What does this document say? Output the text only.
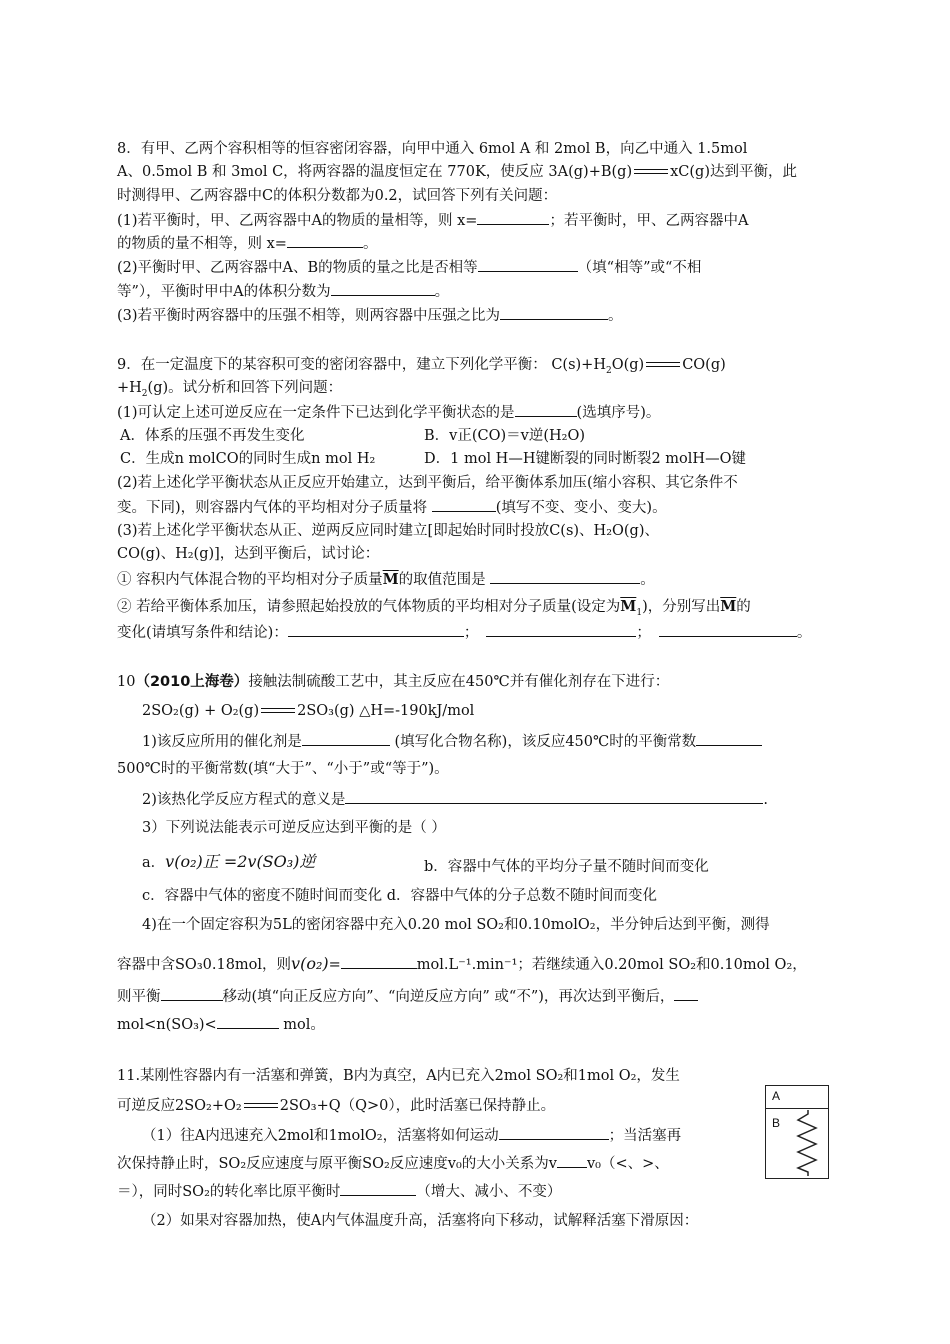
8．有甲、乙两个容积相等的恒容密闭容器，向甲中通入 6mol A 和 2mol B，向乙中通入 1.5mol
A、0.5mol B 和 3mol C，将两容器的温度恒定在 770K，使反应 3A(g)+B(g)	xC(g)达到平衡，此
时测得甲、乙两容器中C的体积分数都为0.2，试回答下列有关问题：
(1)若平衡时，甲、乙两容器中A的物质的量相等，则 x=	；若平衡时，甲、乙两容器中A
的物质的量不相等，则 x=	。
(2)平衡时甲、乙两容器中A、B的物质的量之比是否相等	（填“相等”或“不相
等”），平衡时甲中A的体积分数为	。
(3)若平衡时两容器中的压强不相等，则两容器中压强之比为	。
9．在一定温度下的某容积可变的密闭容器中，建立下列化学平衡： $C(s)+H_2O(g)$	CO(g)
$+H_2(g)$。试分析和回答下列问题：
(1)可认定上述可逆反应在一定条件下已达到化学平衡状态的是	(选填序号)。
A．体系的压强不再发生变化	B．v正(CO)＝v逆(H₂O)
C．生成n molCO的同时生成n mol H₂	D．1 mol H—H键断裂的同时断裂2 molH—O键
(2)若上述化学平衡状态从正反应开始建立，达到平衡后，给平衡体系加压(缩小容积、其它条件不
变。下同)，则容器内气体的平均相对分子质量将	(填写不变、变小、变大)。
(3)若上述化学平衡状态从正、逆两反应同时建立[即起始时同时投放C(s)、H₂O(g)、
CO(g)、H₂(g)]，达到平衡后，试讨论：
① 容积内气体混合物的平均相对分子质量$\overline{M}$的取值范围是	。
② 若给平衡体系加压，请参照起始投放的气体物质的平均相对分子质量(设定为$\overline{M}_1$)，分别写出$\overline{M}$的
变化(请填写条件和结论)：	；	；	。
10（2010上海卷）接触法制硫酸工艺中，其主反应在450℃并有催化剂存在下进行：
2SO₂(g) + O₂(g)	2SO₃(g) △H=-190kJ/mol
1)该反应所用的催化剂是	(填写化合物名称)，该反应450℃时的平衡常数
500℃时的平衡常数(填“大于”、“小于”或“等于”)。
2)该热化学反应方程式的意义是	.
3）下列说法能表示可逆反应达到平衡的是（ ）
a．v(o₂)正 =2v(SO₃)逆	b．容器中气体的平均分子量不随时间而变化
c．容器中气体的密度不随时间而变化 d．容器中气体的分子总数不随时间而变化
4)在一个固定容积为5L的密闭容器中充入0.20 mol SO₂和0.10molO₂，半分钟后达到平衡，测得
容器中含SO₃0.18mol，则v(o₂)=	mol.L⁻¹.min⁻¹；若继续通入0.20mol SO₂和0.10mol O₂，
则平衡	移动(填“向正反应方向”、“向逆反应方向” 或“不”)，再次达到平衡后，
mol<n(SO₃)<	mol。
11.某刚性容器内有一活塞和弹簧，B内为真空，A内已充入2mol SO₂和1mol O₂，发生
可逆反应2SO₂+O₂	2SO₃+Q（Q>0），此时活塞已保持静止。
（1）往A内迅速充入2mol和1molO₂，活塞将如何运动	；当活塞再
次保持静止时，SO₂反应速度与原平衡SO₂反应速度v₀的大小关系为v v₀（<、>、
＝），同时SO₂的转化率比原平衡时	（增大、减小、不变）
（2）如果对容器加热，使A内气体温度升高，活塞将向下移动，试解释活塞下滑原因：
A
B
